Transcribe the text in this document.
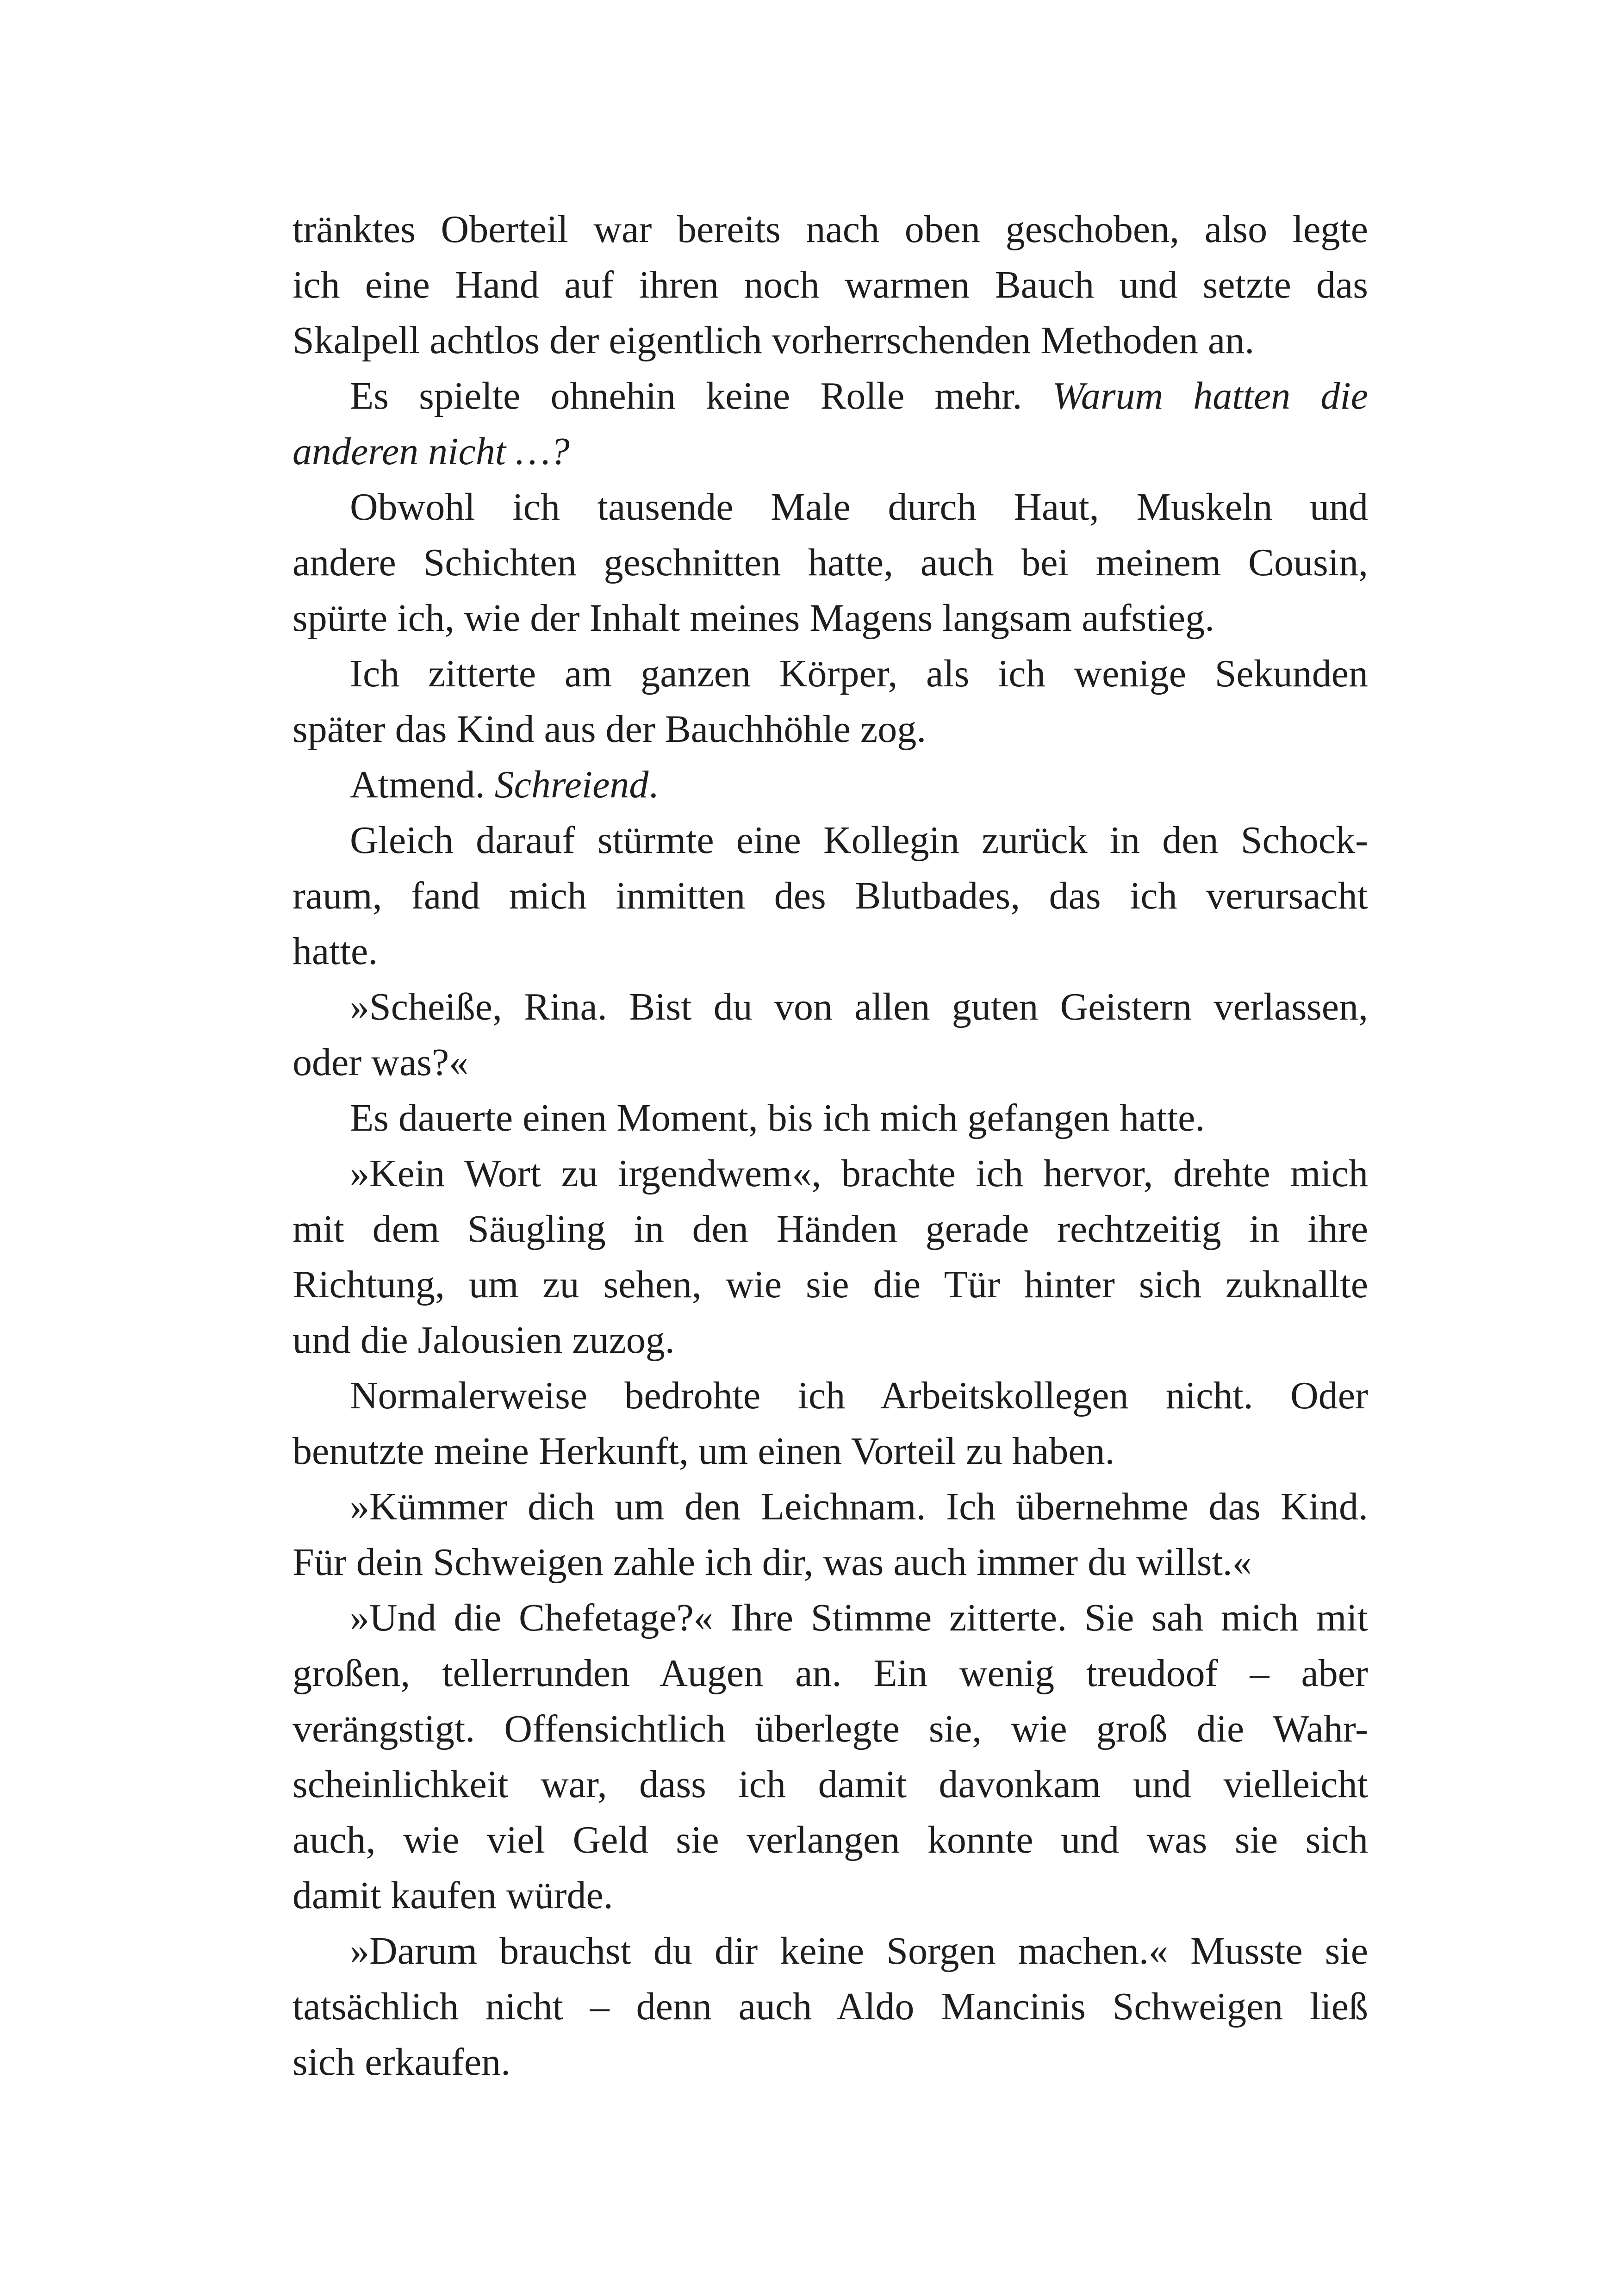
tränktes Oberteil war bereits nach oben geschoben, also legte
ich eine Hand auf ihren noch warmen Bauch und setzte das
Skalpell achtlos der eigentlich vorherrschenden Methoden an.

Es spielte ohnehin keine Rolle mehr. Warum hatten die
anderen nicht …?

Obwohl ich tausende Male durch Haut, Muskeln und
andere Schichten geschnitten hatte, auch bei meinem Cousin,
spürte ich, wie der Inhalt meines Magens langsam aufstieg.

Ich zitterte am ganzen Körper, als ich wenige Sekunden
später das Kind aus der Bauchhöhle zog.

Atmend. Schreiend.

Gleich darauf stürmte eine Kollegin zurück in den Schock-
raum, fand mich inmitten des Blutbades, das ich verursacht
hatte.

»Scheiße, Rina. Bist du von allen guten Geistern verlassen,
oder was?«

Es dauerte einen Moment, bis ich mich gefangen hatte.

»Kein Wort zu irgendwem«, brachte ich hervor, drehte mich
mit dem Säugling in den Händen gerade rechtzeitig in ihre
Richtung, um zu sehen, wie sie die Tür hinter sich zuknallte
und die Jalousien zuzog.

Normalerweise bedrohte ich Arbeitskollegen nicht. Oder
benutzte meine Herkunft, um einen Vorteil zu haben.

»Kümmer dich um den Leichnam. Ich übernehme das Kind.
Für dein Schweigen zahle ich dir, was auch immer du willst.«

»Und die Chefetage?« Ihre Stimme zitterte. Sie sah mich mit
großen, tellerrunden Augen an. Ein wenig treudoof – aber
verängstigt. Offensichtlich überlegte sie, wie groß die Wahr-
scheinlichkeit war, dass ich damit davonkam und vielleicht
auch, wie viel Geld sie verlangen konnte und was sie sich
damit kaufen würde.

»Darum brauchst du dir keine Sorgen machen.« Musste sie
tatsächlich nicht – denn auch Aldo Mancinis Schweigen ließ
sich erkaufen.
